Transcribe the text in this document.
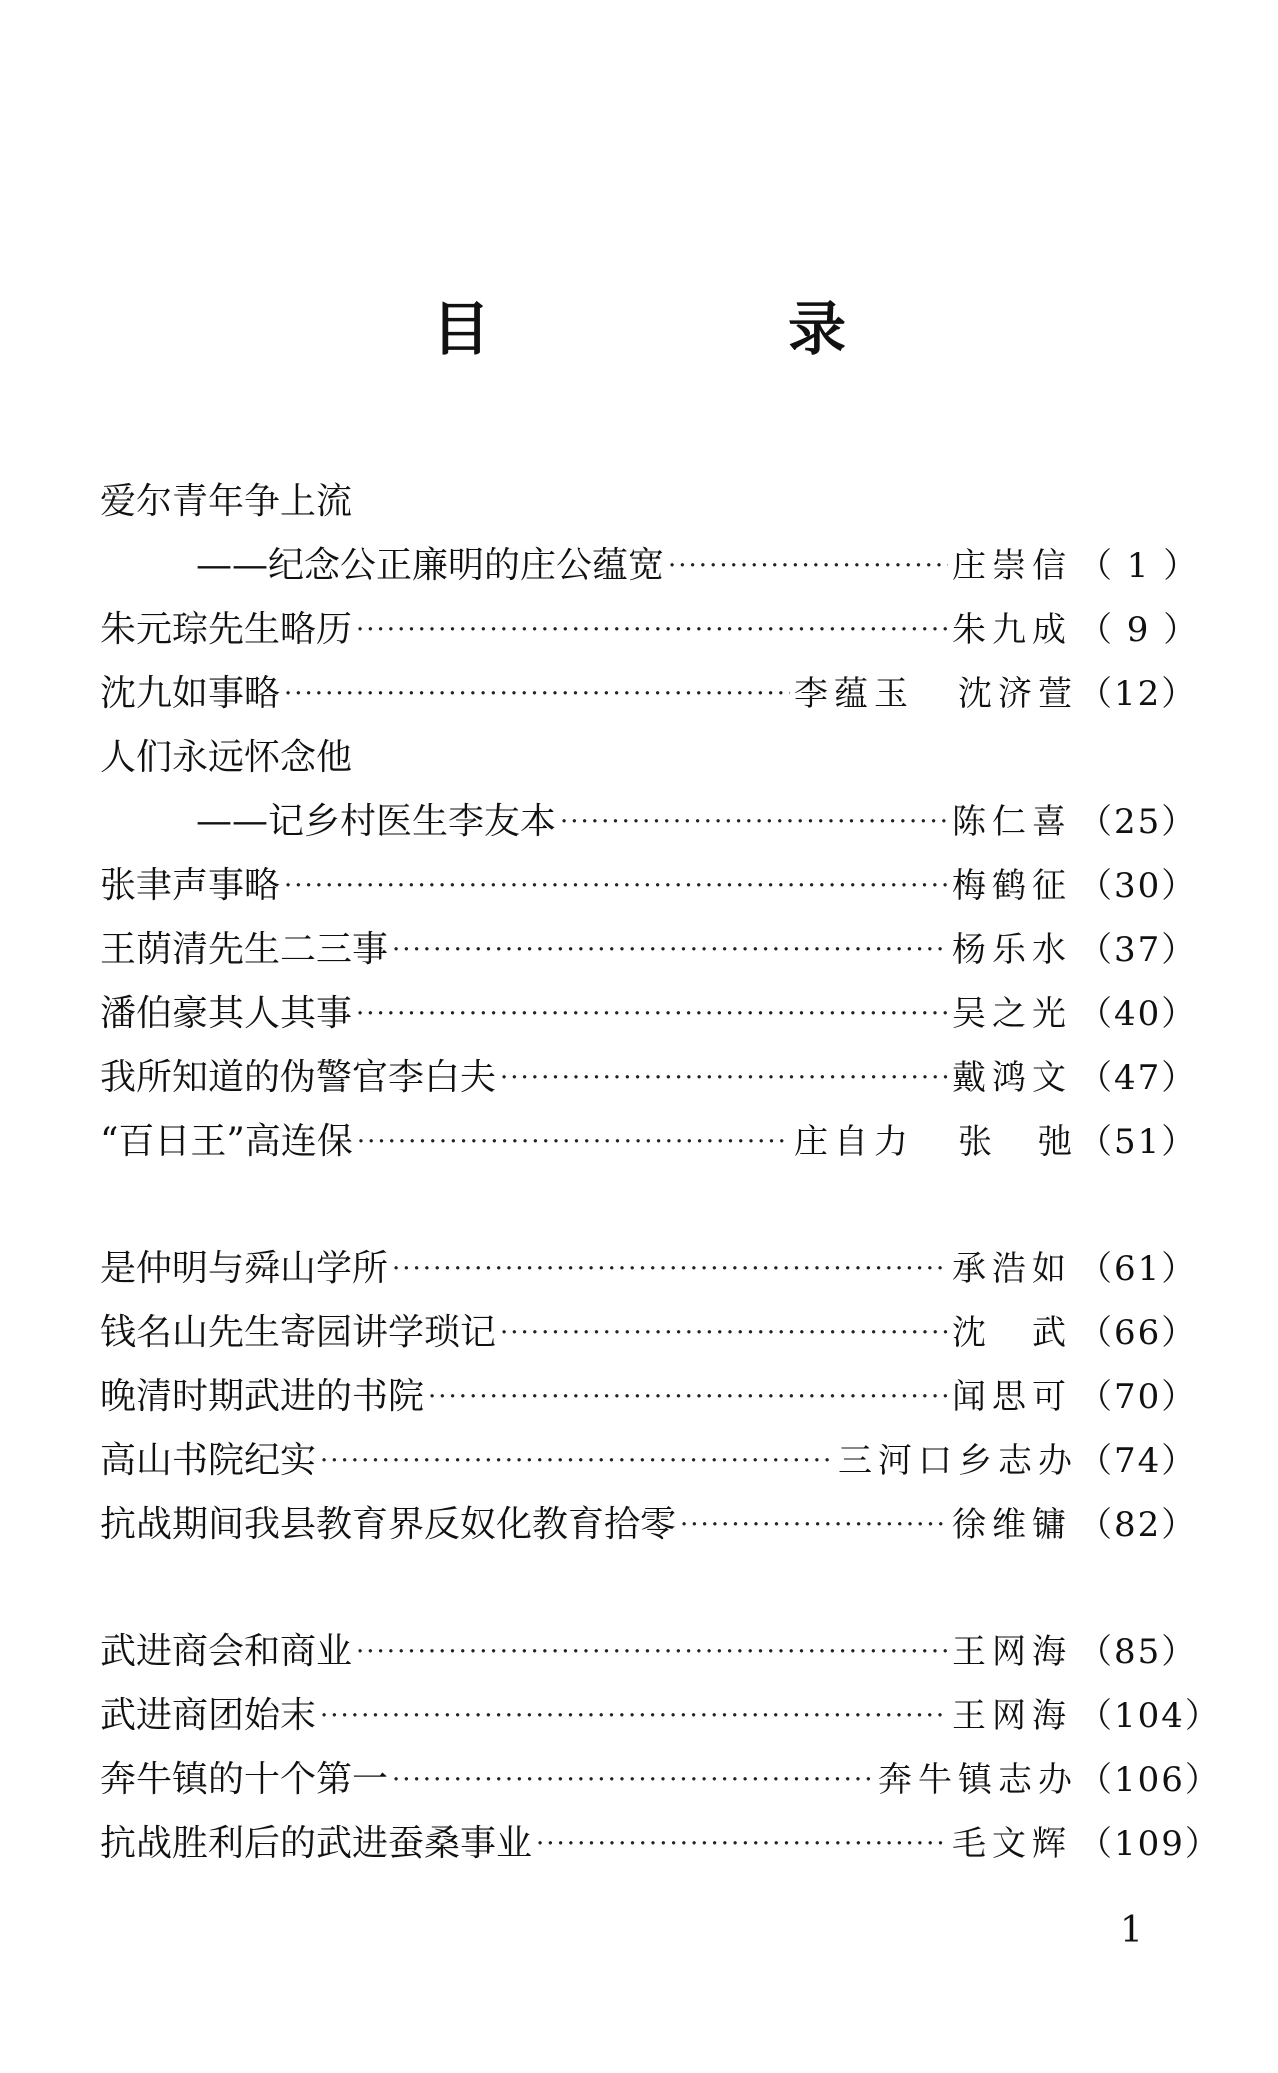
目　录
爱尔青年争上流
——纪念公正廉明的庄公蕴宽 ·····	庄崇信 （ 1 ）
朱元琮先生略历 ·····	朱九成 （ 9 ）
沈九如事略 ·····	李蕴玉 沈济萱 （12）
人们永远怀念他
——记乡村医生李友本 ·····	陈仁喜 （25）
张聿声事略 ·····	梅鹤征 （30）
王荫清先生二三事 ·····	杨乐水 （37）
潘伯豪其人其事 ·····	吴之光 （40）
我所知道的伪警官李白夫 ·····	戴鸿文 （47）
“百日王”高连保 ·····	庄自力 张　弛 （51）
是仲明与舜山学所 ·····	承浩如 （61）
钱名山先生寄园讲学琐记 ·····	沈　武 （66）
晚清时期武进的书院 ·····	闻思可 （70）
高山书院纪实 ·····	三河口乡志办 （74）
抗战期间我县教育界反奴化教育拾零 ·····	徐维镛 （82）
武进商会和商业 ·····	王网海 （85）
武进商团始末 ·····	王网海 （104）
奔牛镇的十个第一 ·····	奔牛镇志办 （106）
抗战胜利后的武进蚕桑事业 ·····	毛文辉 （109）
1
